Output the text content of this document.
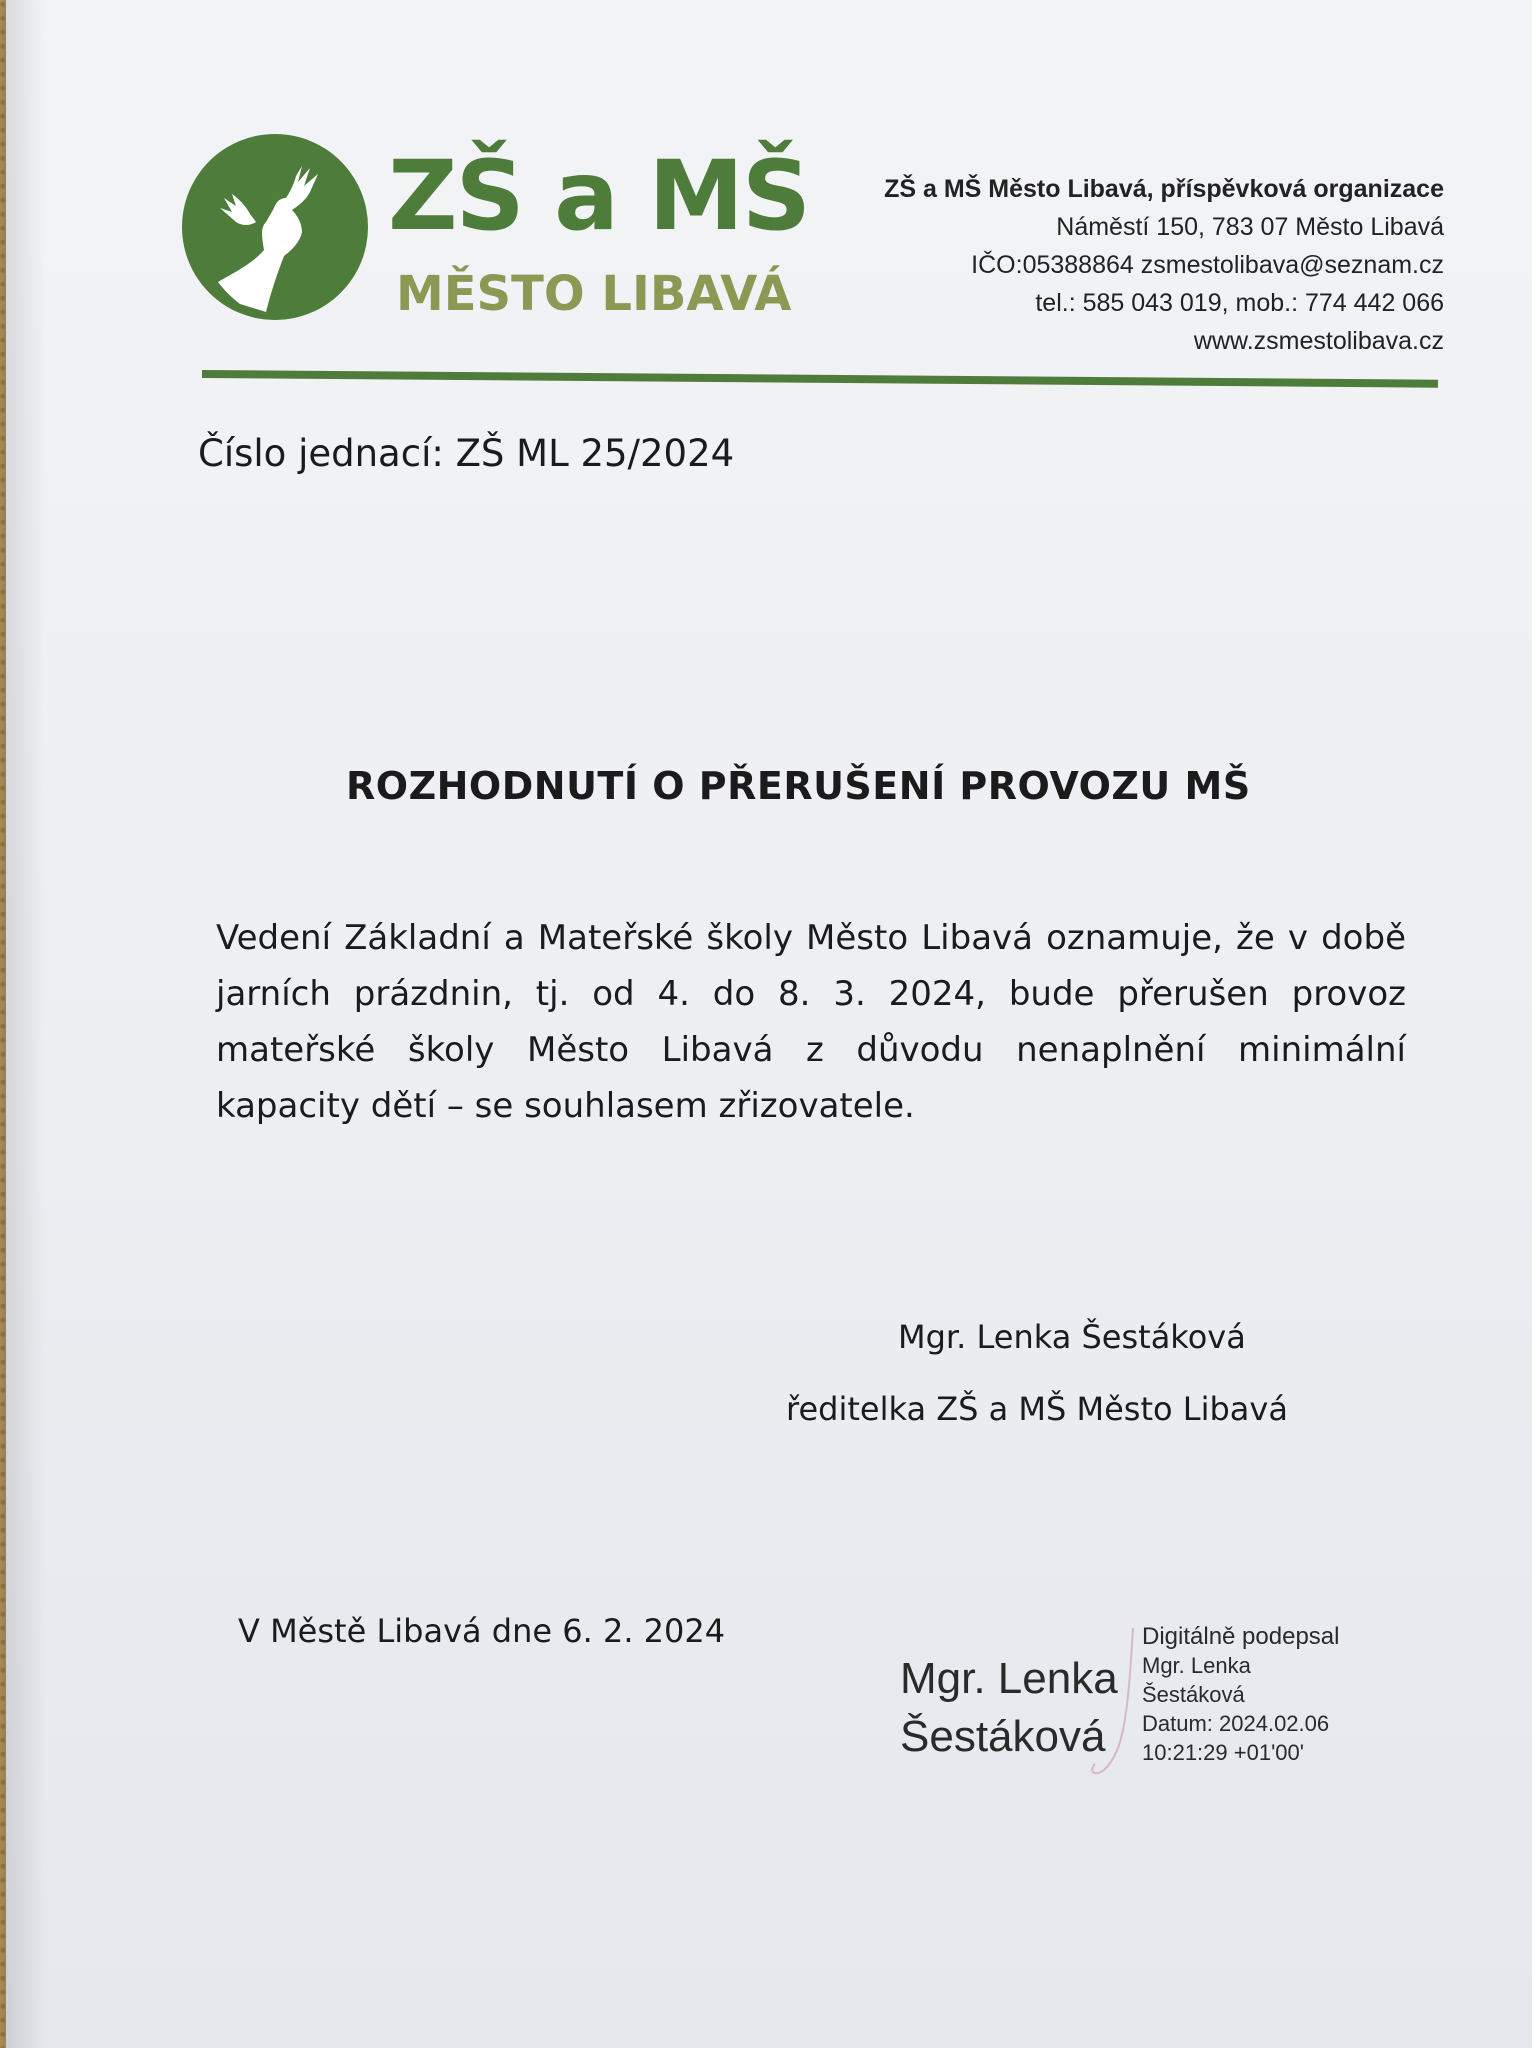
ZŠ a MŠ
MĚSTO LIBAVÁ
ZŠ a MŠ Město Libavá, příspěvková organizace
Náměstí 150, 783 07 Město Libavá
IČO:05388864 zsmestolibava@seznam.cz
tel.: 585 043 019, mob.: 774 442 066
www.zsmestolibava.cz
Číslo jednací: ZŠ ML 25/2024
ROZHODNUTÍ O PŘERUŠENÍ PROVOZU MŠ
Vedení Základní a Mateřské školy Město Libavá oznamuje, že v době jarních prázdnin, tj. od 4. do 8. 3. 2024, bude přerušen provoz mateřské školy Město Libavá z důvodu nenaplnění minimální kapacity dětí – se souhlasem zřizovatele.
Mgr. Lenka Šestáková
ředitelka ZŠ a MŠ Město Libavá
V Městě Libavá dne 6. 2. 2024
Mgr. Lenka
Šestáková
Digitálně podepsal
Mgr. Lenka
Šestáková
Datum: 2024.02.06
10:21:29 +01'00'
